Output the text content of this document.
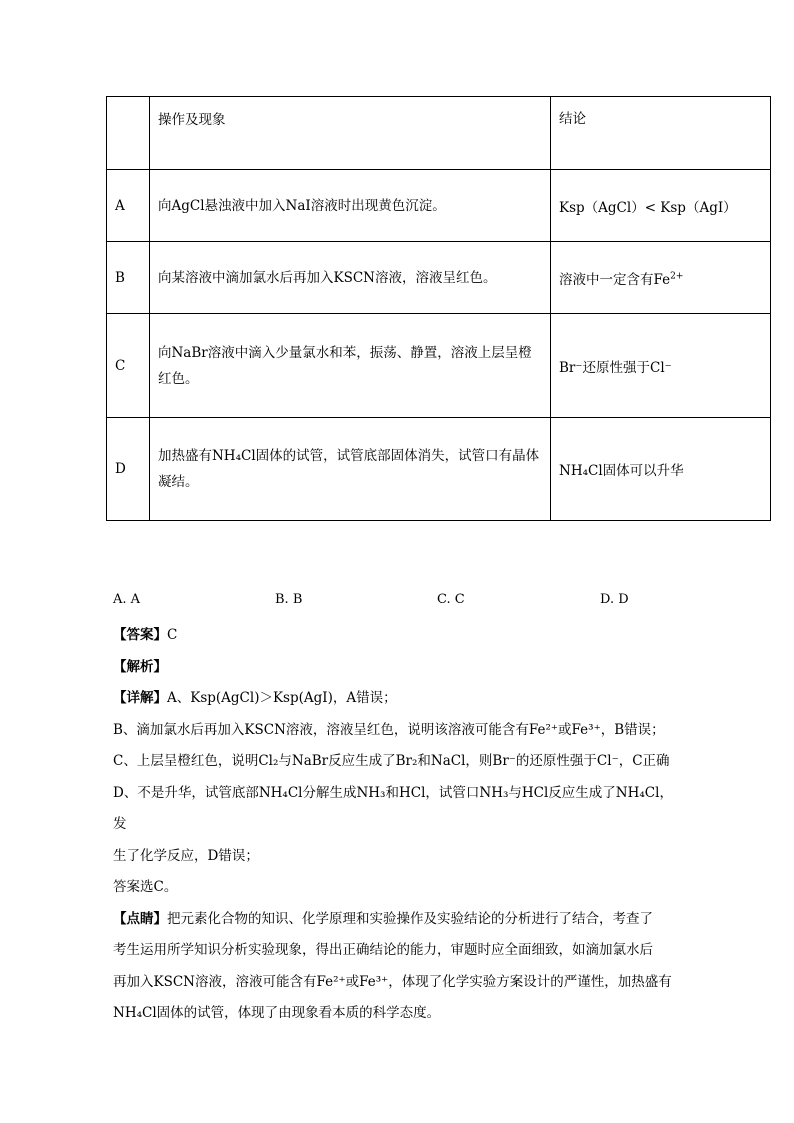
	操作及现象	结论
A	向AgCl悬浊液中加入NaI溶液时出现黄色沉淀。	Ksp（AgCl）< Ksp（AgI）
B	向某溶液中滴加氯水后再加入KSCN溶液，溶液呈红色。	溶液中一定含有$Fe^{2+}$
C	向NaBr溶液中滴入少量氯水和苯，振荡、静置，溶液上层呈橙红色。	Br⁻还原性强于Cl⁻
D	加热盛有NH₄Cl固体的试管，试管底部固体消失，试管口有晶体凝结。	NH₄Cl固体可以升华
A. A	B. B	C. C	D. D

【答案】C

【解析】

【详解】A、Ksp(AgCl)＞Ksp(AgI)，A错误；

B、滴加氯水后再加入KSCN溶液，溶液呈红色，说明该溶液可能含有Fe²⁺或Fe³⁺，B错误；

C、上层呈橙红色，说明Cl₂与NaBr反应生成了Br₂和NaCl，则Br⁻的还原性强于Cl⁻，C正确

D、不是升华，试管底部NH₄Cl分解生成NH₃和HCl，试管口NH₃与HCl反应生成了NH₄Cl，发

生了化学反应，D错误；

答案选C。

【点睛】把元素化合物的知识、化学原理和实验操作及实验结论的分析进行了结合，考查了

考生运用所学知识分析实验现象，得出正确结论的能力，审题时应全面细致，如滴加氯水后

再加入KSCN溶液，溶液可能含有Fe²⁺或Fe³⁺，体现了化学实验方案设计的严谨性，加热盛有

NH₄Cl固体的试管，体现了由现象看本质的科学态度。
